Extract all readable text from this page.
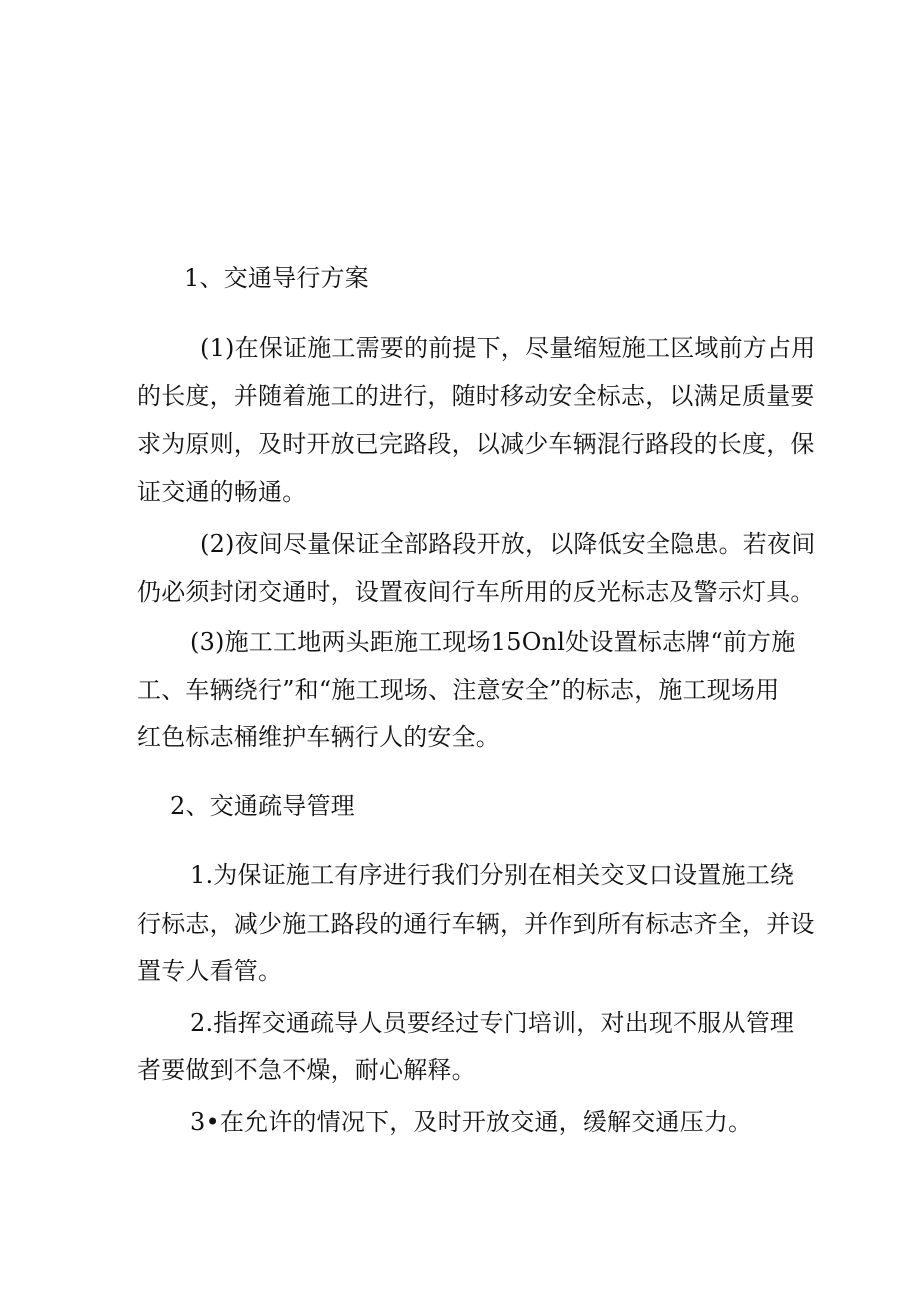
1、交通导行方案
(1)在保证施工需要的前提下，尽量缩短施工区域前方占用
的长度，并随着施工的进行，随时移动安全标志，以满足质量要
求为原则，及时开放已完路段，以减少车辆混行路段的长度，保
证交通的畅通。
(2)夜间尽量保证全部路段开放，以降低安全隐患。若夜间
仍必须封闭交通时，设置夜间行车所用的反光标志及警示灯具。
(3)施工工地两头距施工现场15Onl处设置标志牌“前方施
工、车辆绕行”和“施工现场、注意安全”的标志，施工现场用
红色标志桶维护车辆行人的安全。
2、交通疏导管理
1.为保证施工有序进行我们分别在相关交叉口设置施工绕
行标志，减少施工路段的通行车辆，并作到所有标志齐全，并设
置专人看管。
2.指挥交通疏导人员要经过专门培训，对出现不服从管理
者要做到不急不燥，耐心解释。
3•在允许的情况下，及时开放交通，缓解交通压力。
